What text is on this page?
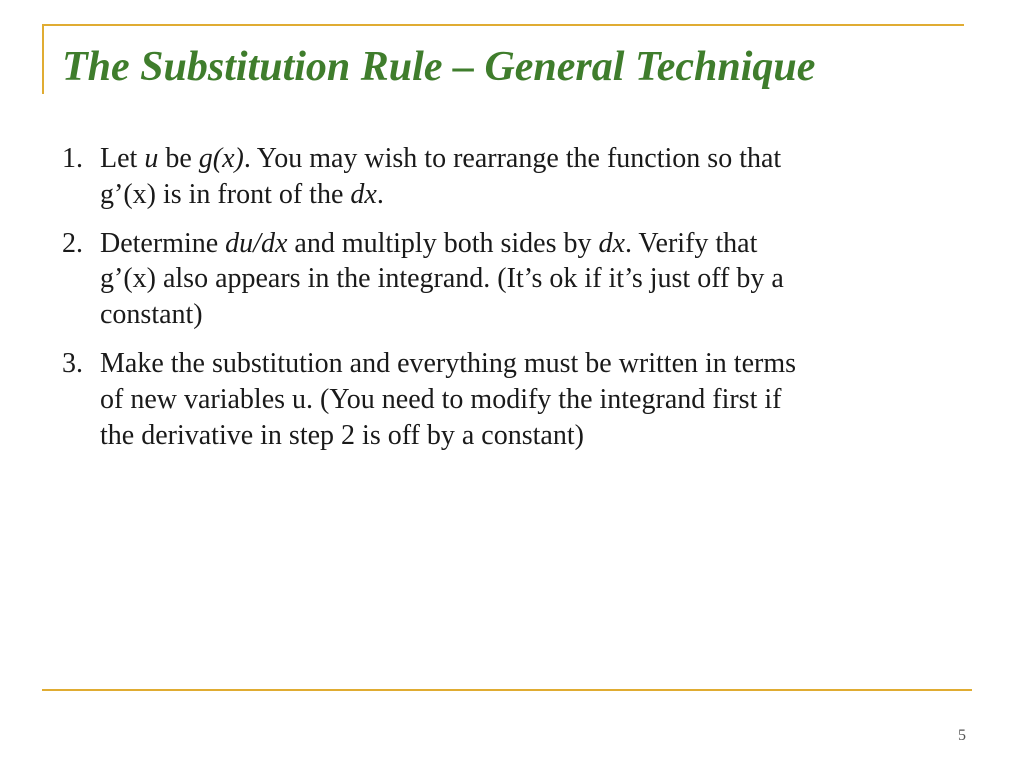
The Substitution Rule – General Technique
1. Let u be g(x). You may wish to rearrange the function so that

g’(x) is in front of the dx.

2. Determine du/dx and multiply both sides by dx. Verify that

g’(x) also appears in the integrand. (It’s ok if it’s just off by a

constant)

3. Make the substitution and everything must be written in terms

of new variables u. (You need to modify the integrand first if

the derivative in step 2 is off by a constant)

5
